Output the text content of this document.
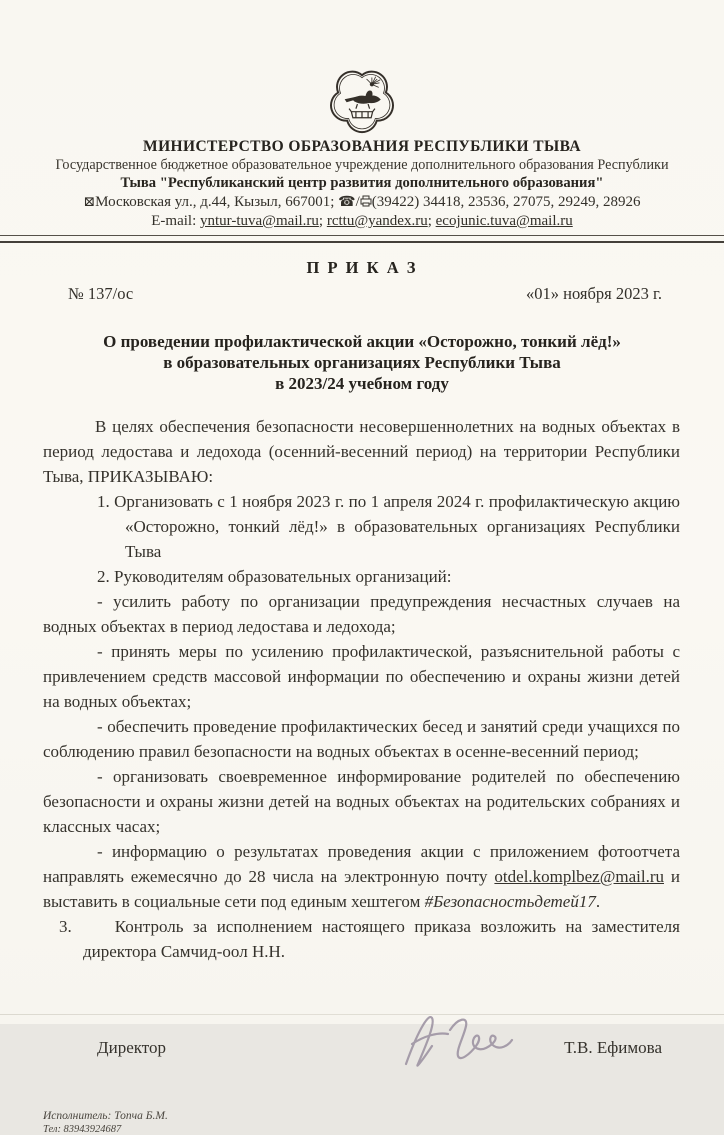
МИНИСТЕРСТВО ОБРАЗОВАНИЯ РЕСПУБЛИКИ ТЫВА
Государственное бюджетное образовательное учреждение дополнительного образования Республики
Тыва "Республиканский центр развития дополнительного образования"
⊠Московская ул., д.44, Кызыл, 667001; ☎/ (39422) 34418, 23536, 27075, 29249, 28926
E-mail: yntur-tuva@mail.ru; rcttu@yandex.ru; ecojunic.tuva@mail.ru
П Р И К А З
№ 137/ос	«01» ноября 2023 г.
О проведении профилактической акции «Осторожно, тонкий лёд!»
в образовательных организациях Республики Тыва
в 2023/24 учебном году

В целях обеспечения безопасности несовершеннолетних на водных объектах в период ледостава и ледохода (осенний-весенний период) на территории Республики Тыва, ПРИКАЗЫВАЮ:

1. Организовать с 1 ноября 2023 г. по 1 апреля 2024 г. профилактическую акцию «Осторожно, тонкий лёд!» в образовательных организациях Республики Тыва

2. Руководителям образовательных организаций:

- усилить работу по организации предупреждения несчастных случаев на водных объектах в период ледостава и ледохода;

- принять меры по усилению профилактической, разъяснительной работы с привлечением средств массовой информации по обеспечению и охраны жизни детей на водных объектах;

- обеспечить проведение профилактических бесед и занятий среди учащихся по соблюдению правил безопасности на водных объектах в осенне-весенний период;

- организовать своевременное информирование родителей по обеспечению безопасности и охраны жизни детей на водных объектах на родительских собраниях и классных часах;

- информацию о результатах проведения акции с приложением фотоотчета направлять ежемесячно до 28 числа на электронную почту otdel.komplbez@mail.ru и выставить в социальные сети под единым хештегом #Безопасностьдетей17.

3.	Контроль за исполнением настоящего приказа возложить на заместителя директора Самчид-оол Н.Н.

Директор	Т.В. Ефимова
Исполнитель: Топча Б.М.
Тел: 83943924687
